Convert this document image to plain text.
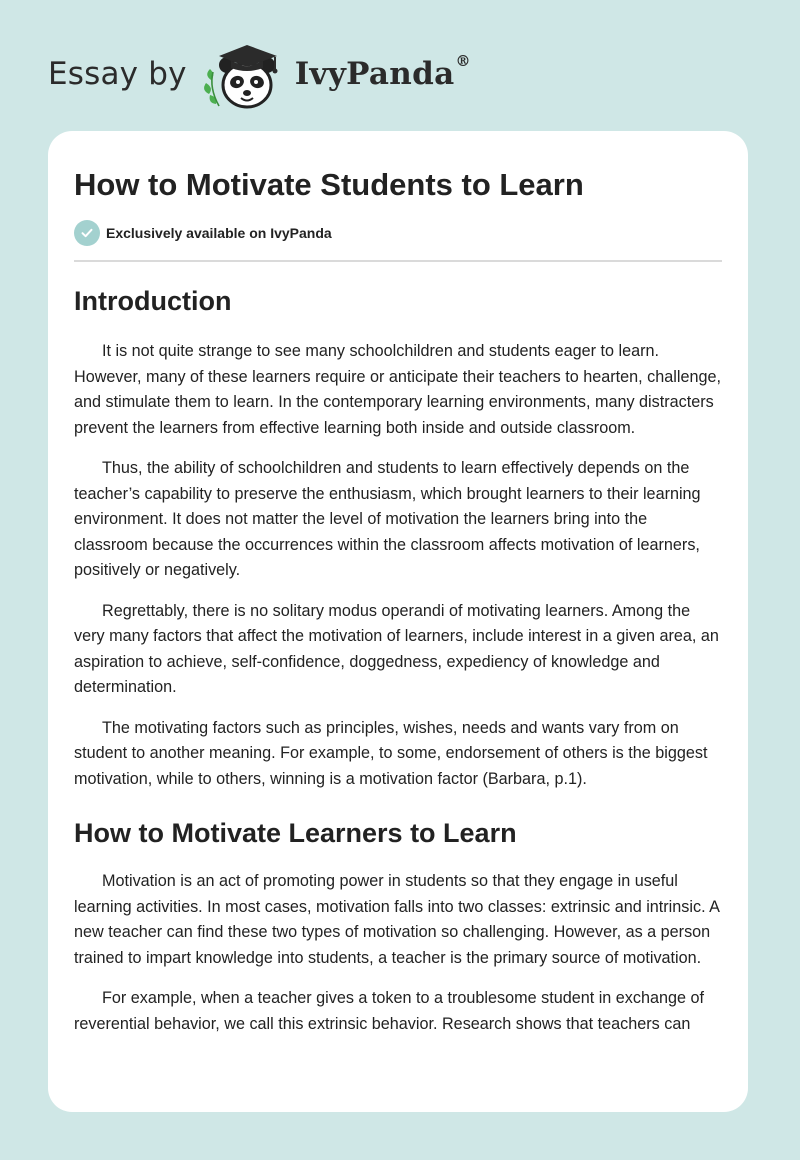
Essay by	IvyPanda®
How to Motivate Students to Learn
Exclusively available on IvyPanda
Introduction

It is not quite strange to see many schoolchildren and students eager to learn. However, many of these learners require or anticipate their teachers to hearten, challenge, and stimulate them to learn. In the contemporary learning environments, many distracters prevent the learners from effective learning both inside and outside classroom.

Thus, the ability of schoolchildren and students to learn effectively depends on the teacher’s capability to preserve the enthusiasm, which brought learners to their learning environment. It does not matter the level of motivation the learners bring into the classroom because the occurrences within the classroom affects motivation of learners, positively or negatively.

Regrettably, there is no solitary modus operandi of motivating learners. Among the very many factors that affect the motivation of learners, include interest in a given area, an aspiration to achieve, self-confidence, doggedness, expediency of knowledge and determination.

The motivating factors such as principles, wishes, needs and wants vary from on student to another meaning. For example, to some, endorsement of others is the biggest motivation, while to others, winning is a motivation factor (Barbara, p.1).

How to Motivate Learners to Learn

Motivation is an act of promoting power in students so that they engage in useful learning activities. In most cases, motivation falls into two classes: extrinsic and intrinsic. A new teacher can find these two types of motivation so challenging. However, as a person trained to impart knowledge into students, a teacher is the primary source of motivation.

For example, when a teacher gives a token to a troublesome student in exchange of reverential behavior, we call this extrinsic behavior. Research shows that teachers can
